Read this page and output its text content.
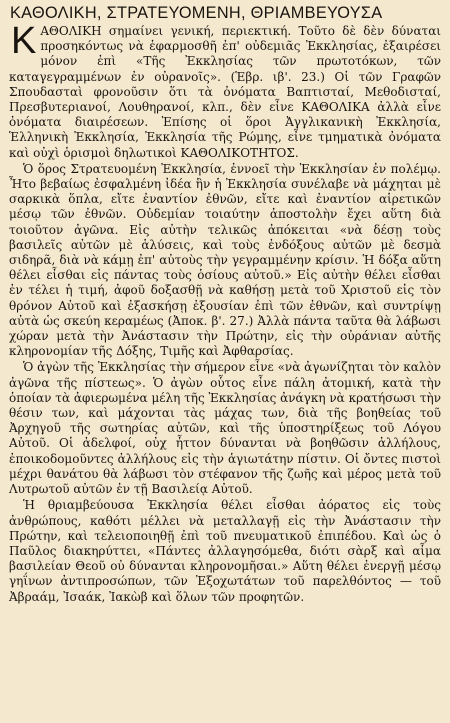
ΚΑΘΟΛΙΚΗ, ΣΤΡΑΤΕΥΟΜΕΝΗ, ΘΡΙΑΜΒΕΥΟΥΣΑ

ΚΑΘΟΛΙΚΗ σημαίνει γενική, περιεκτική. Τοῦτο δὲ δὲν δύναται προσηκόντως νὰ ἐφαρμοσθῆ ἐπ' οὐδεμιᾶς Ἐκκλησίας, ἐξαιρέσει μόνον ἐπὶ «Τῆς Ἐκκλησίας τῶν πρωτοτόκων, τῶν καταγεγραμμένων ἐν οὐρανοῖς». (Ἑβρ. ιβ'. 23.) Οἱ τῶν Γραφῶν Σπουδασταὶ φρονοῦσιν ὅτι τὰ ὀνόματα Βαπτισταί, Μεθοδισταί, Πρεσβυτεριανοί, Λουθηρανοί, κλπ., δὲν εἶνε ΚΑΘΟΛΙΚΑ ἀλλὰ εἶνε ὀνόματα διαιρέσεων. Ἐπίσης οἱ ὅροι Ἀγγλικανικὴ Ἐκκλησία, Ἑλληνικὴ Ἐκκλησία, Ἐκκλησία τῆς Ρώμης, εἶνε τμηματικὰ ὀνόματα καὶ οὐχὶ ὁρισμοὶ δηλωτικοὶ ΚΑΘΟΛΙΚΟΤΗΤΟΣ.

Ὁ ὅρος Στρατευομένη Ἐκκλησία, ἐννοεῖ τὴν Ἐκκλησίαν ἐν πολέμῳ. Ἦτο βεβαίως ἐσφαλμένη ἰδέα ἣν ἡ Ἐκκλησία συνέλαβε νὰ μάχηται μὲ σαρκικὰ ὅπλα, εἴτε ἐναντίον ἐθνῶν, εἴτε καὶ ἐναντίον αἱρετικῶν μέσῳ τῶν ἐθνῶν. Οὐδεμίαν τοιαύτην ἀποστολὴν ἔχει αὕτη διὰ τοιοῦτον ἀγῶνα. Εἰς αὐτὴν τελικῶς ἀπόκειται «νὰ δέσῃ τοὺς βασιλεῖς αὐτῶν μὲ ἁλύσεις, καὶ τοὺς ἐνδόξους αὐτῶν μὲ δεσμὰ σιδηρᾶ, διὰ νὰ κάμῃ ἐπ' αὐτοὺς τὴν γεγραμμένην κρίσιν. Ἡ δόξα αὕτη θέλει εἶσθαι εἰς πάντας τοὺς ὁσίους αὐτοῦ.» Εἰς αὐτὴν θέλει εἶσθαι ἐν τέλει ἡ τιμή, ἀφοῦ δοξασθῇ νὰ καθήσῃ μετὰ τοῦ Χριστοῦ εἰς τὸν θρόνον Αὐτοῦ καὶ ἐξασκήσῃ ἐξουσίαν ἐπὶ τῶν ἐθνῶν, καὶ συντρίψῃ αὐτὰ ὡς σκεύη κεραμέως (Ἀποκ. β'. 27.) Ἀλλὰ πάντα ταῦτα θὰ λάβωσι χώραν μετὰ τὴν Ἀνάστασιν τὴν Πρώτην, εἰς τὴν οὐράνιαν αὐτῆς κληρονομίαν τῆς Δόξης, Τιμῆς καὶ Ἀφθαρσίας.

Ὁ ἀγὼν τῆς Ἐκκλησίας τὴν σήμερον εἶνε «νὰ ἀγωνίζηται τὸν καλὸν ἀγῶνα τῆς πίστεως». Ὁ ἀγὼν οὗτος εἶνε πάλη ἀτομική, κατὰ τὴν ὁποίαν τὰ ἀφιερωμένα μέλη τῆς Ἐκκλησίας ἀνάγκη νὰ κρατήσωσι τὴν θέσιν των, καὶ μάχονται τὰς μάχας των, διὰ τῆς βοηθείας τοῦ Ἀρχηγοῦ τῆς σωτηρίας αὐτῶν, καὶ τῆς ὑποστηρίξεως τοῦ Λόγου Αὐτοῦ. Οἱ ἀδελφοί, οὐχ ἧττον δύνανται νὰ βοηθῶσιν ἀλλήλους, ἐποικοδομοῦντες ἀλλήλους εἰς τὴν ἁγιωτάτην πίστιν. Οἱ ὄντες πιστοὶ μέχρι θανάτου θὰ λάβωσι τὸν στέφανον τῆς ζωῆς καὶ μέρος μετὰ τοῦ Λυτρωτοῦ αὐτῶν ἐν τῇ Βασιλείᾳ Αὐτοῦ.

Ἡ θριαμβεύουσα Ἐκκλησία θέλει εἶσθαι ἀόρατος εἰς τοὺς ἀνθρώπους, καθότι μέλλει νὰ μεταλλαγῇ εἰς τὴν Ἀνάστασιν τὴν Πρώτην, καὶ τελειοποιηθῇ ἐπὶ τοῦ πνευματικοῦ ἐπιπέδου. Καὶ ὡς ὁ Παῦλος διακηρύττει, «Πάντες ἀλλαγησόμεθα, διότι σὰρξ καὶ αἷμα βασιλείαν Θεοῦ οὐ δύνανται κληρονομῆσαι.» Αὕτη θέλει ἐνεργῇ μέσῳ γηΐνων ἀντιπροσώπων, τῶν Ἐξοχωτάτων τοῦ παρελθόντος — τοῦ Ἀβραάμ, Ἰσαάκ, Ἰακὼβ καὶ ὅλων τῶν προφητῶν.
